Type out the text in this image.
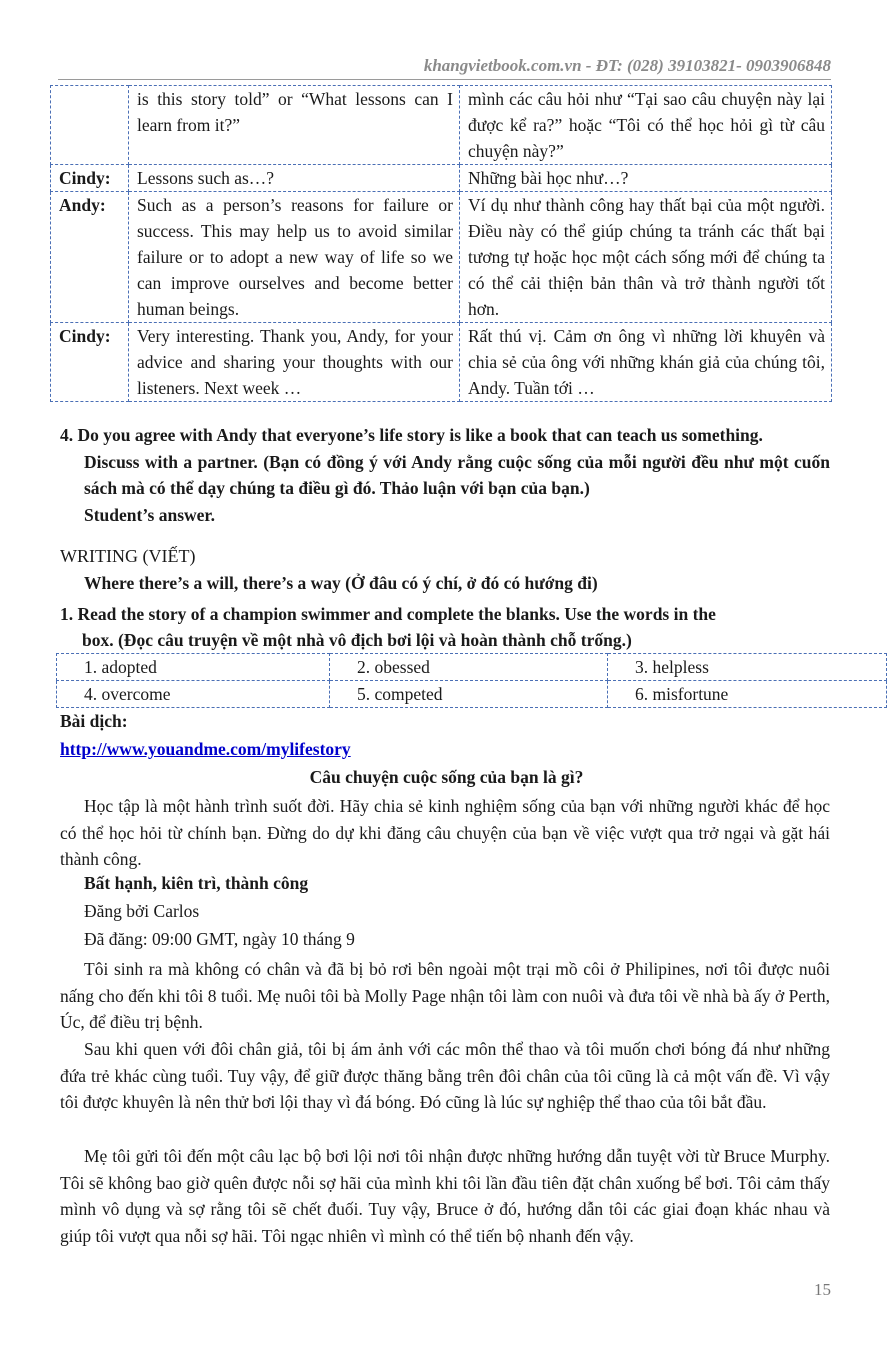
khangvietbook.com.vn - ĐT: (028) 39103821- 0903906848
	is this story told” or “What lessons can I learn from it?”	mình các câu hỏi như “Tại sao câu chuyện này lại được kể ra?” hoặc “Tôi có thể học hỏi gì từ câu chuyện này?”
Cindy:	Lessons such as…?	Những bài học như…?
Andy:	Such as a person’s reasons for failure or success. This may help us to avoid similar failure or to adopt a new way of life so we can improve ourselves and become better human beings.	Ví dụ như thành công hay thất bại của một người. Điều này có thể giúp chúng ta tránh các thất bại tương tự hoặc học một cách sống mới để chúng ta có thể cải thiện bản thân và trở thành người tốt hơn.
Cindy:	Very interesting. Thank you, Andy, for your advice and sharing your thoughts with our listeners. Next week …	Rất thú vị. Cảm ơn ông vì những lời khuyên và chia sẻ của ông với những khán giả của chúng tôi, Andy. Tuần tới …
4. Do you agree with Andy that everyone’s life story is like a book that can teach us something.
Discuss with a partner. (Bạn có đồng ý với Andy rằng cuộc sống của mỗi người đều như một cuốn sách mà có thể dạy chúng ta điều gì đó. Thảo luận với bạn của bạn.)
Student’s answer.
WRITING (VIẾT)
Where there’s a will, there’s a way (Ở đâu có ý chí, ở đó có hướng đi)
1. Read the story of a champion swimmer and complete the blanks. Use the words in the
box. (Đọc câu truyện về một nhà vô địch bơi lội và hoàn thành chỗ trống.)
1. adopted	2. obessed	3. helpless
4. overcome	5. competed	6. misfortune
Bài dịch:
http://www.youandme.com/mylifestory
Câu chuyện cuộc sống của bạn là gì?
Học tập là một hành trình suốt đời. Hãy chia sẻ kinh nghiệm sống của bạn với những người khác để học có thể học hỏi từ chính bạn. Đừng do dự khi đăng câu chuyện của bạn về việc vượt qua trở ngại và gặt hái thành công.
Bất hạnh, kiên trì, thành công
Đăng bởi Carlos
Đã đăng: 09:00 GMT, ngày 10 tháng 9
Tôi sinh ra mà không có chân và đã bị bỏ rơi bên ngoài một trại mồ côi ở Philipines, nơi tôi được nuôi nấng cho đến khi tôi 8 tuổi. Mẹ nuôi tôi bà Molly Page nhận tôi làm con nuôi và đưa tôi về nhà bà ấy ở Perth, Úc, để điều trị bệnh.
Sau khi quen với đôi chân giả, tôi bị ám ảnh với các môn thể thao và tôi muốn chơi bóng đá như những đứa trẻ khác cùng tuổi. Tuy vậy, để giữ được thăng bằng trên đôi chân của tôi cũng là cả một vấn đề. Vì vậy tôi được khuyên là nên thử bơi lội thay vì đá bóng. Đó cũng là lúc sự nghiệp thể thao của tôi bắt đầu.
Mẹ tôi gửi tôi đến một câu lạc bộ bơi lội nơi tôi nhận được những hướng dẫn tuyệt vời từ Bruce Murphy. Tôi sẽ không bao giờ quên được nỗi sợ hãi của mình khi tôi lần đầu tiên đặt chân xuống bể bơi. Tôi cảm thấy mình vô dụng và sợ rằng tôi sẽ chết đuối. Tuy vậy, Bruce ở đó, hướng dẫn tôi các giai đoạn khác nhau và giúp tôi vượt qua nỗi sợ hãi. Tôi ngạc nhiên vì mình có thể tiến bộ nhanh đến vậy.
15
